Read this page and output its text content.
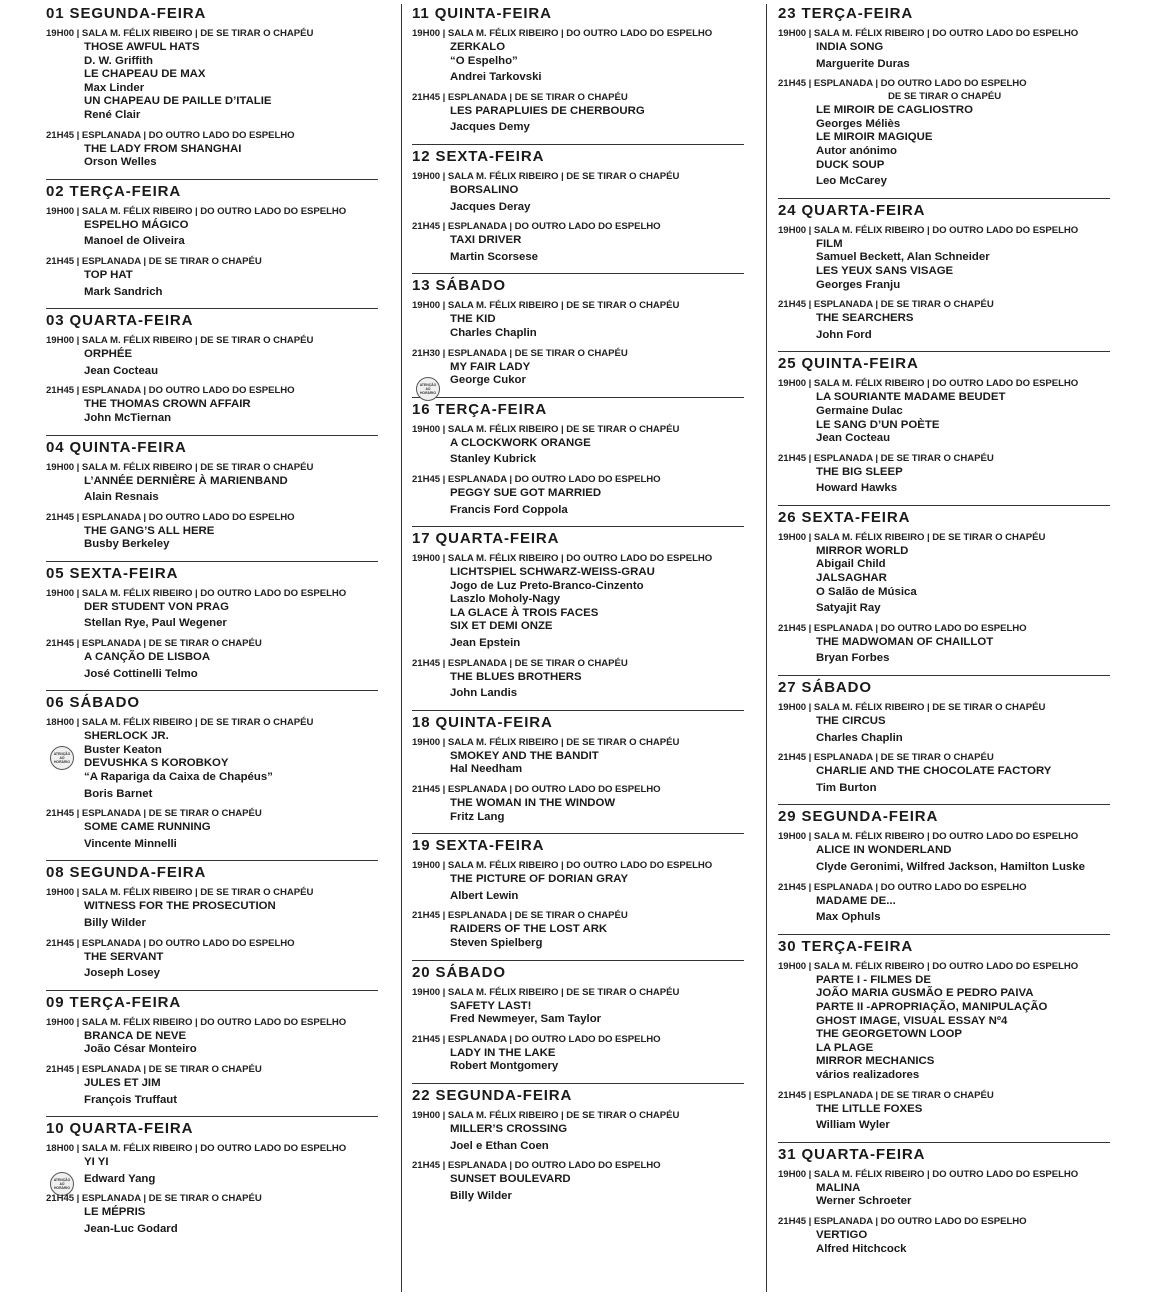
01 SEGUNDA-FEIRA
19H00 | SALA M. FÉLIX RIBEIRO | DE SE TIRAR O CHAPÉU
THOSE AWFUL HATS
D. W. Griffith
LE CHAPEAU DE MAX
Max Linder
UN CHAPEAU DE PAILLE D’ITALIE
René Clair
21H45 | ESPLANADA | DO OUTRO LADO DO ESPELHO
THE LADY FROM SHANGHAI
Orson Welles
02 TERÇA-FEIRA
19H00 | SALA M. FÉLIX RIBEIRO | DO OUTRO LADO DO ESPELHO
ESPELHO MÁGICO
Manoel de Oliveira
21H45 | ESPLANADA | DE SE TIRAR O CHAPÉU
TOP HAT
Mark Sandrich
03 QUARTA-FEIRA
19H00 | SALA M. FÉLIX RIBEIRO | DE SE TIRAR O CHAPÉU
ORPHÉE
Jean Cocteau
21H45 | ESPLANADA | DO OUTRO LADO DO ESPELHO
THE THOMAS CROWN AFFAIR
John McTiernan
04 QUINTA-FEIRA
19H00 | SALA M. FÉLIX RIBEIRO | DE SE TIRAR O CHAPÉU
L’ANNÉE DERNIÈRE À MARIENBAND
Alain Resnais
21H45 | ESPLANADA | DO OUTRO LADO DO ESPELHO
THE GANG’S ALL HERE
Busby Berkeley
05 SEXTA-FEIRA
19H00 | SALA M. FÉLIX RIBEIRO | DO OUTRO LADO DO ESPELHO
DER STUDENT VON PRAG
Stellan Rye, Paul Wegener
21H45 | ESPLANADA | DE SE TIRAR O CHAPÉU
A CANÇÃO DE LISBOA
José Cottinelli Telmo
06 SÁBADO
18H00 | SALA M. FÉLIX RIBEIRO | DE SE TIRAR O CHAPÉU
ATENÇÃO AO HORÁRIO
SHERLOCK JR.
Buster Keaton
DEVUSHKA S KOROBKOY
“A Rapariga da Caixa de Chapéus”
Boris Barnet
21H45 | ESPLANADA | DE SE TIRAR O CHAPÉU
SOME CAME RUNNING
Vincente Minnelli
08 SEGUNDA-FEIRA
19H00 | SALA M. FÉLIX RIBEIRO | DE SE TIRAR O CHAPÉU
WITNESS FOR THE PROSECUTION
Billy Wilder
21H45 | ESPLANADA | DO OUTRO LADO DO ESPELHO
THE SERVANT
Joseph Losey
09 TERÇA-FEIRA
19H00 | SALA M. FÉLIX RIBEIRO | DO OUTRO LADO DO ESPELHO
BRANCA DE NEVE
João César Monteiro
21H45 | ESPLANADA | DE SE TIRAR O CHAPÉU
JULES ET JIM
François Truffaut
10 QUARTA-FEIRA
18H00 | SALA M. FÉLIX RIBEIRO | DO OUTRO LADO DO ESPELHO
ATENÇÃO AO HORÁRIO
YI YI
Edward Yang
21H45 | ESPLANADA | DE SE TIRAR O CHAPÉU
LE MÉPRIS
Jean-Luc Godard
11 QUINTA-FEIRA
19H00 | SALA M. FÉLIX RIBEIRO | DO OUTRO LADO DO ESPELHO
ZERKALO
“O Espelho”
Andrei Tarkovski
21H45 | ESPLANADA | DE SE TIRAR O CHAPÉU
LES PARAPLUIES DE CHERBOURG
Jacques Demy
12 SEXTA-FEIRA
19H00 | SALA M. FÉLIX RIBEIRO | DE SE TIRAR O CHAPÉU
BORSALINO
Jacques Deray
21H45 | ESPLANADA | DO OUTRO LADO DO ESPELHO
TAXI DRIVER
Martin Scorsese
13 SÁBADO
19H00 | SALA M. FÉLIX RIBEIRO | DE SE TIRAR O CHAPÉU
THE KID
Charles Chaplin
21H30 | ESPLANADA | DE SE TIRAR O CHAPÉU
ATENÇÃO AO HORÁRIO
MY FAIR LADY
George Cukor
16 TERÇA-FEIRA
19H00 | SALA M. FÉLIX RIBEIRO | DE SE TIRAR O CHAPÉU
A CLOCKWORK ORANGE
Stanley Kubrick
21H45 | ESPLANADA | DO OUTRO LADO DO ESPELHO
PEGGY SUE GOT MARRIED
Francis Ford Coppola
17 QUARTA-FEIRA
19H00 | SALA M. FÉLIX RIBEIRO | DO OUTRO LADO DO ESPELHO
LICHTSPIEL SCHWARZ-WEISS-GRAU
Jogo de Luz Preto-Branco-Cinzento
Laszlo Moholy-Nagy
LA GLACE À TROIS FACES
SIX ET DEMI ONZE
Jean Epstein
21H45 | ESPLANADA | DE SE TIRAR O CHAPÉU
THE BLUES BROTHERS
John Landis
18 QUINTA-FEIRA
19H00 | SALA M. FÉLIX RIBEIRO | DE SE TIRAR O CHAPÉU
SMOKEY AND THE BANDIT
Hal Needham
21H45 | ESPLANADA | DO OUTRO LADO DO ESPELHO
THE WOMAN IN THE WINDOW
Fritz Lang
19 SEXTA-FEIRA
19H00 | SALA M. FÉLIX RIBEIRO | DO OUTRO LADO DO ESPELHO
THE PICTURE OF DORIAN GRAY
Albert Lewin
21H45 | ESPLANADA | DE SE TIRAR O CHAPÉU
RAIDERS OF THE LOST ARK
Steven Spielberg
20 SÁBADO
19H00 | SALA M. FÉLIX RIBEIRO | DE SE TIRAR O CHAPÉU
SAFETY LAST!
Fred Newmeyer, Sam Taylor
21H45 | ESPLANADA | DO OUTRO LADO DO ESPELHO
LADY IN THE LAKE
Robert Montgomery
22 SEGUNDA-FEIRA
19H00 | SALA M. FÉLIX RIBEIRO | DE SE TIRAR O CHAPÉU
MILLER’S CROSSING
Joel e Ethan Coen
21H45 | ESPLANADA | DO OUTRO LADO DO ESPELHO
SUNSET BOULEVARD
Billy Wilder
23 TERÇA-FEIRA
19H00 | SALA M. FÉLIX RIBEIRO | DO OUTRO LADO DO ESPELHO
INDIA SONG
Marguerite Duras
21H45 | ESPLANADA | DO OUTRO LADO DO ESPELHO
DE SE TIRAR O CHAPÉU
LE MIROIR DE CAGLIOSTRO
Georges Méliès
LE MIROIR MAGIQUE
Autor anónimo
DUCK SOUP
Leo McCarey
24 QUARTA-FEIRA
19H00 | SALA M. FÉLIX RIBEIRO | DO OUTRO LADO DO ESPELHO
FILM
Samuel Beckett, Alan Schneider
LES YEUX SANS VISAGE
Georges Franju
21H45 | ESPLANADA | DE SE TIRAR O CHAPÉU
THE SEARCHERS
John Ford
25 QUINTA-FEIRA
19H00 | SALA M. FÉLIX RIBEIRO | DO OUTRO LADO DO ESPELHO
LA SOURIANTE MADAME BEUDET
Germaine Dulac
LE SANG D’UN POÈTE
Jean Cocteau
21H45 | ESPLANADA | DE SE TIRAR O CHAPÉU
THE BIG SLEEP
Howard Hawks
26 SEXTA-FEIRA
19H00 | SALA M. FÉLIX RIBEIRO | DE SE TIRAR O CHAPÉU
MIRROR WORLD
Abigail Child
JALSAGHAR
O Salão de Música
Satyajit Ray
21H45 | ESPLANADA | DO OUTRO LADO DO ESPELHO
THE MADWOMAN OF CHAILLOT
Bryan Forbes
27 SÁBADO
19H00 | SALA M. FÉLIX RIBEIRO | DE SE TIRAR O CHAPÉU
THE CIRCUS
Charles Chaplin
21H45 | ESPLANADA | DE SE TIRAR O CHAPÉU
CHARLIE AND THE CHOCOLATE FACTORY
Tim Burton
29 SEGUNDA-FEIRA
19H00 | SALA M. FÉLIX RIBEIRO | DO OUTRO LADO DO ESPELHO
ALICE IN WONDERLAND
Clyde Geronimi, Wilfred Jackson, Hamilton Luske
21H45 | ESPLANADA | DO OUTRO LADO DO ESPELHO
MADAME DE...
Max Ophuls
30 TERÇA-FEIRA
19H00 | SALA M. FÉLIX RIBEIRO | DO OUTRO LADO DO ESPELHO
PARTE I - FILMES DE
JOÃO MARIA GUSMÃO E PEDRO PAIVA
PARTE II -APROPRIAÇÃO, MANIPULAÇÃO
GHOST IMAGE, VISUAL ESSAY Nº4
THE GEORGETOWN LOOP
LA PLAGE
MIRROR MECHANICS
vários realizadores
21H45 | ESPLANADA | DE SE TIRAR O CHAPÉU
THE LITLLE FOXES
William Wyler
31 QUARTA-FEIRA
19H00 | SALA M. FÉLIX RIBEIRO | DO OUTRO LADO DO ESPELHO
MALINA
Werner Schroeter
21H45 | ESPLANADA | DO OUTRO LADO DO ESPELHO
VERTIGO
Alfred Hitchcock
